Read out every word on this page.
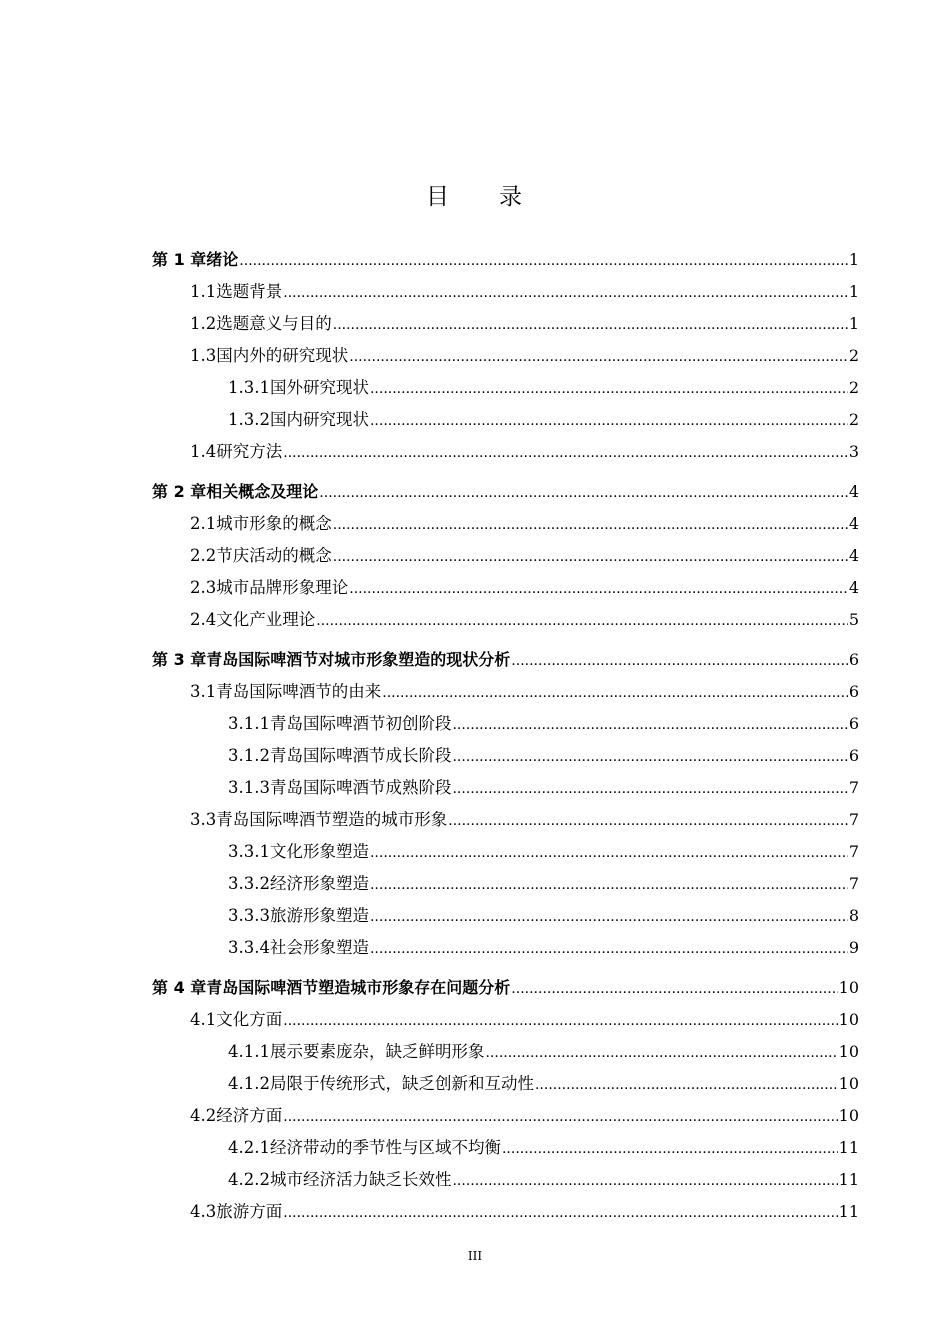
目 录
第 1 章 绪论 .....	1
1.1 选题背景 .....	1
1.2 选题意义与目的 .....	1
1.3 国内外的研究现状 .....	2
1.3.1 国外研究现状 .....	2
1.3.2 国内研究现状 .....	2
1.4 研究方法 .....	3
第 2 章 相关概念及理论 .....	4
2.1 城市形象的概念 .....	4
2.2 节庆活动的概念 .....	4
2.3 城市品牌形象理论 .....	4
2.4 文化产业理论 .....	5
第 3 章 青岛国际啤酒节对城市形象塑造的现状分析 .....	6
3.1 青岛国际啤酒节的由来 .....	6
3.1.1 青岛国际啤酒节初创阶段 .....	6
3.1.2 青岛国际啤酒节成长阶段 .....	6
3.1.3 青岛国际啤酒节成熟阶段 .....	7
3.3 青岛国际啤酒节塑造的城市形象 .....	7
3.3.1 文化形象塑造 .....	7
3.3.2 经济形象塑造 .....	7
3.3.3 旅游形象塑造 .....	8
3.3.4 社会形象塑造 .....	9
第 4 章 青岛国际啤酒节塑造城市形象存在问题分析 .....	10
4.1 文化方面 .....	10
4.1.1 展示要素庞杂，缺乏鲜明形象 .....	10
4.1.2 局限于传统形式，缺乏创新和互动性 .....	10
4.2 经济方面 .....	10
4.2.1 经济带动的季节性与区域不均衡 .....	11
4.2.2 城市经济活力缺乏长效性 .....	11
4.3 旅游方面 .....	11
III
